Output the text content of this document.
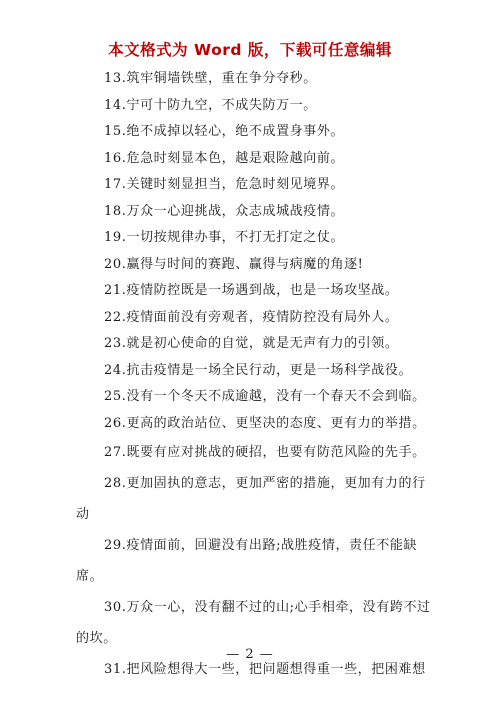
本文格式为 Word 版，下载可任意编辑
13.筑牢铜墙铁壁，重在争分夺秒。
14.宁可十防九空，不成失防万一。
15.绝不成掉以轻心，绝不成置身事外。
16.危急时刻显本色，越是艰险越向前。
17.关键时刻显担当，危急时刻见境界。
18.万众一心迎挑战，众志成城战疫情。
19.一切按规律办事，不打无打定之仗。
20.赢得与时间的赛跑、赢得与病魔的角逐!
21.疫情防控既是一场遇到战，也是一场攻坚战。
22.疫情面前没有旁观者，疫情防控没有局外人。
23.就是初心使命的自觉，就是无声有力的引领。
24.抗击疫情是一场全民行动，更是一场科学战役。
25.没有一个冬天不成逾越，没有一个春天不会到临。
26.更高的政治站位、更坚决的态度、更有力的举措。
27.既要有应对挑战的硬招，也要有防范风险的先手。
28.更加固执的意志，更加严密的措施，更加有力的行
动
29.疫情面前，回避没有出路;战胜疫情，责任不能缺
席。
30.万众一心，没有翻不过的山;心手相牵，没有跨不过
的坎。
31.把风险想得大一些，把问题想得重一些，把困难想
— 2 —
